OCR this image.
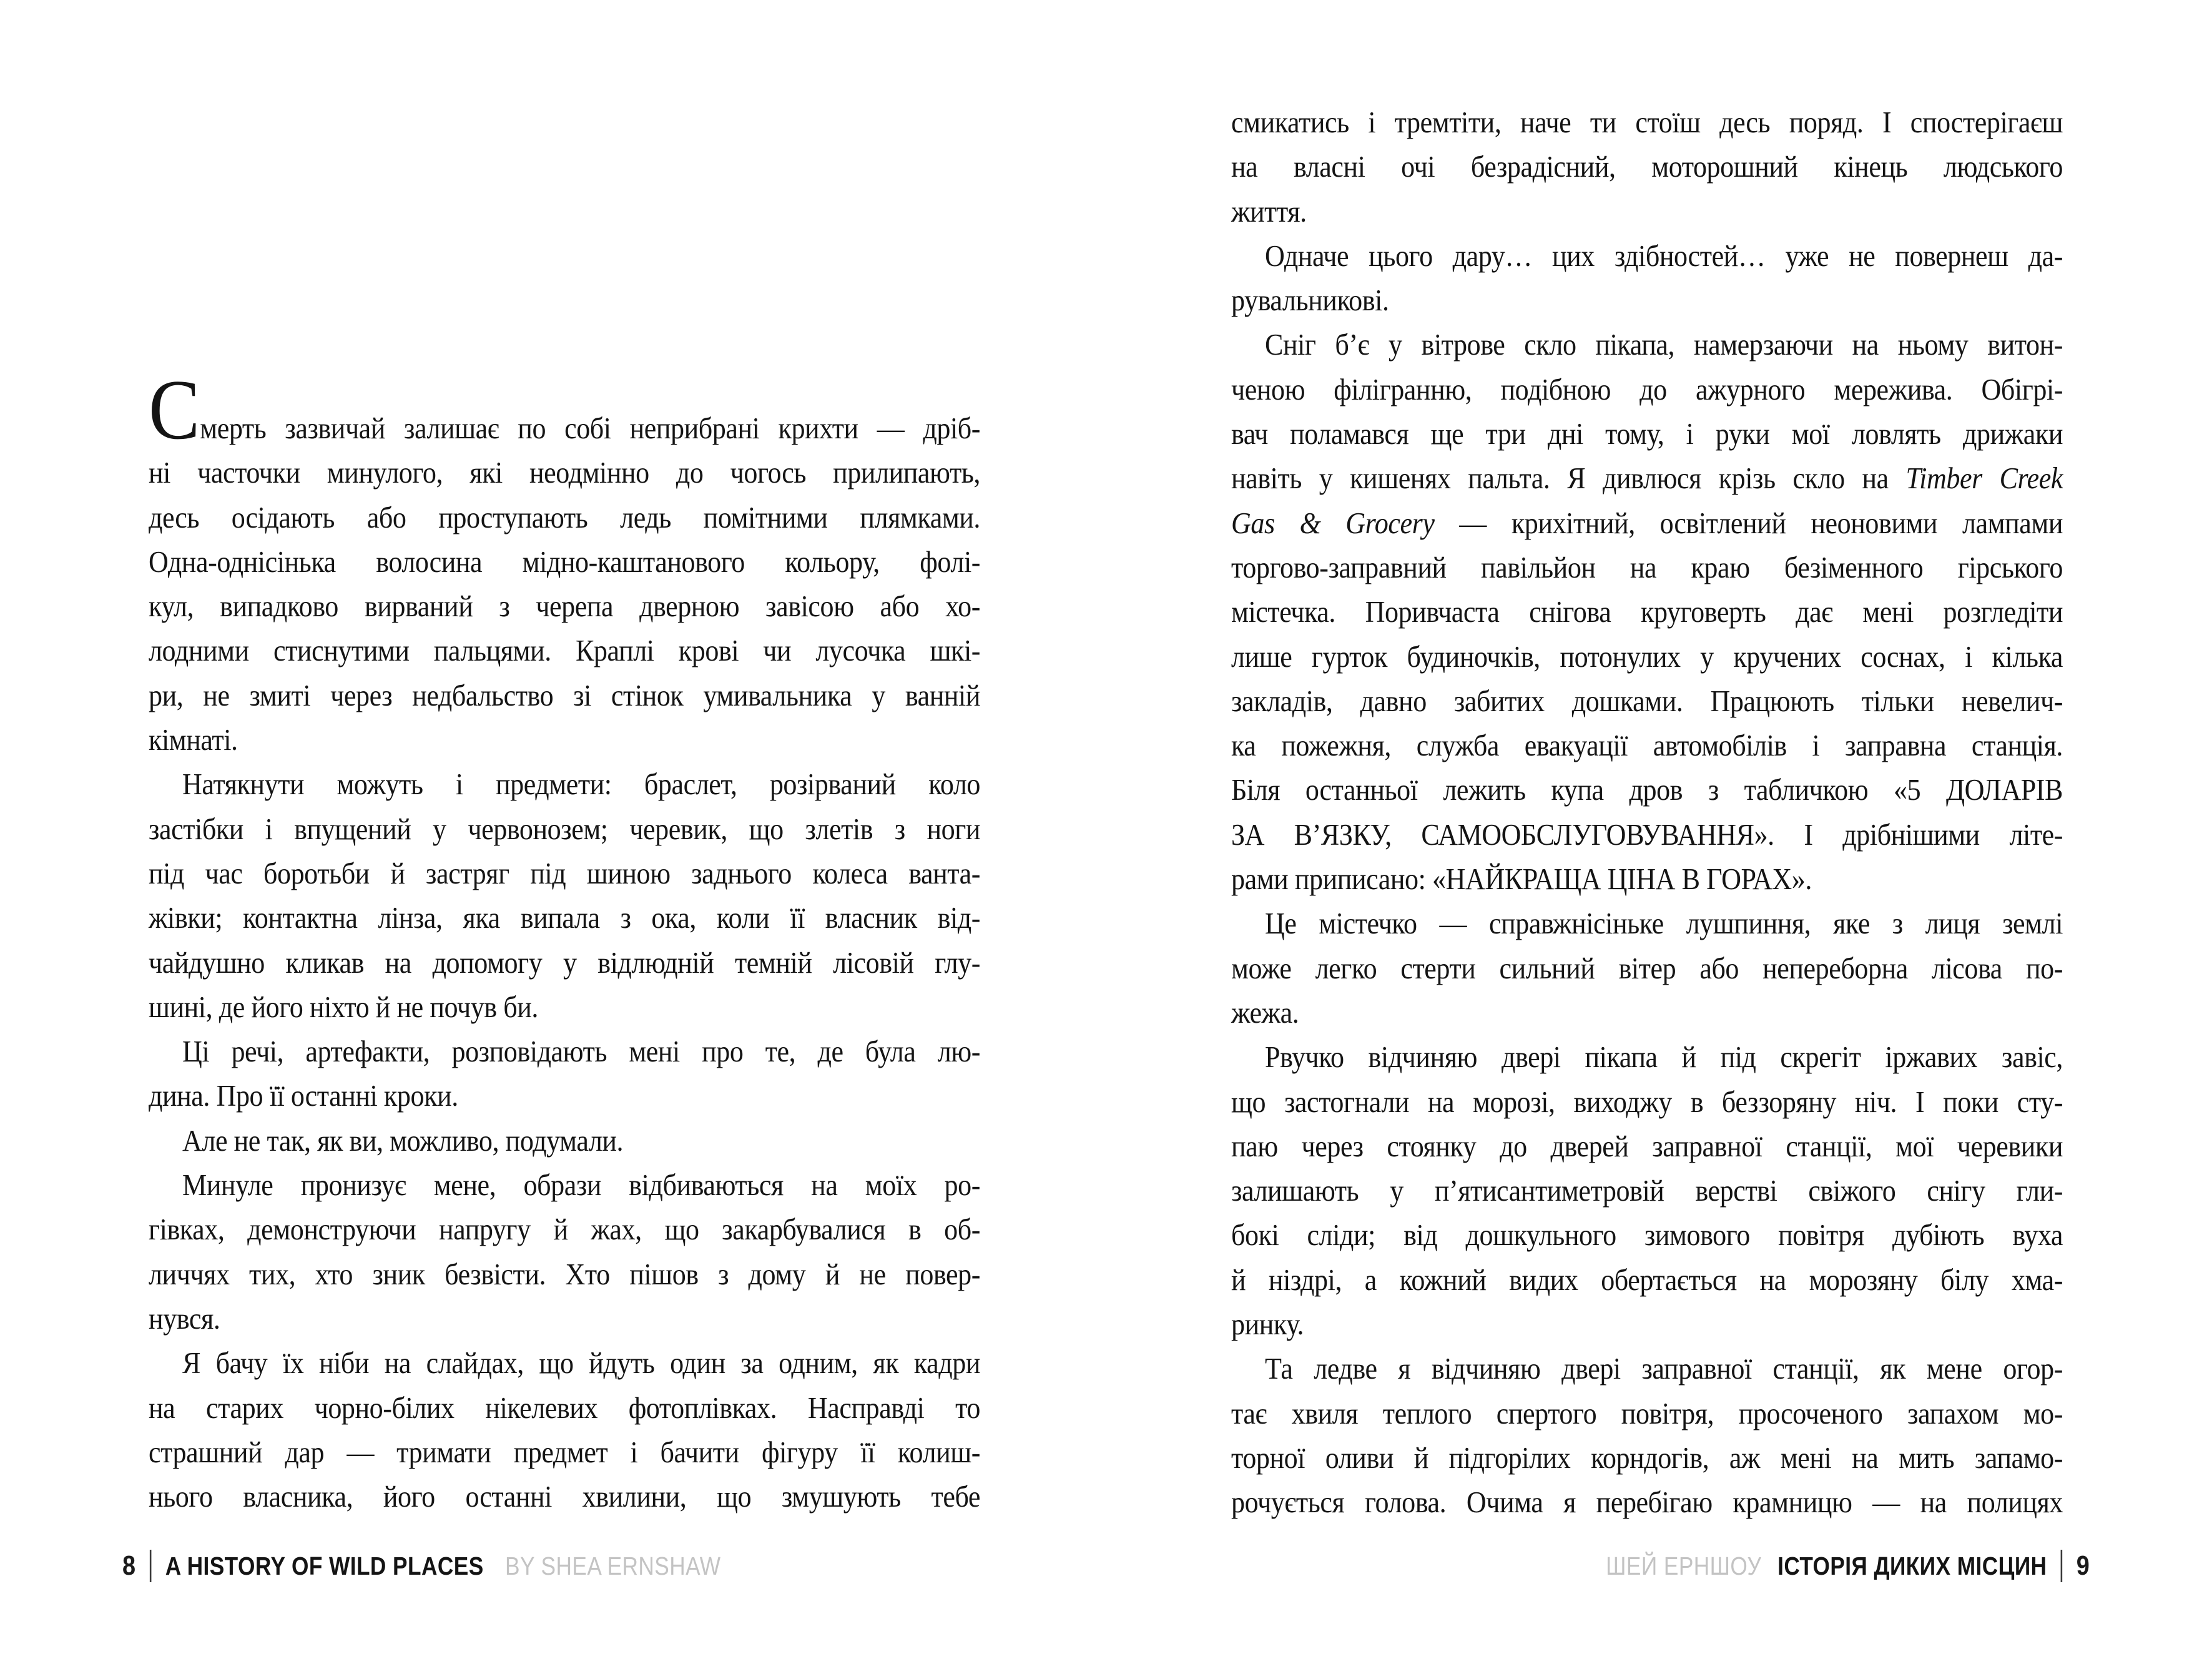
Смерть зазвичай залишає по собі неприбрані крихти — дріб-
ні часточки минулого, які неодмінно до чогось прилипають,
десь осідають або проступають ледь помітними плямками.
Одна-однісінька волосина мідно-каштанового кольору, фолі-
кул, випадково вирваний з черепа дверною завісою або хо-
лодними стиснутими пальцями. Краплі крові чи лусочка шкі-
ри, не змиті через недбальство зі стінок умивальника у ванній
кімнаті.
Натякнути можуть і предмети: браслет, розірваний коло
застібки і впущений у червонозем; черевик, що злетів з ноги
під час боротьби й застряг під шиною заднього колеса ванта-
жівки; контактна лінза, яка випала з ока, коли її власник від-
чайдушно кликав на допомогу у відлюдній темній лісовій глу-
шині, де його ніхто й не почув би.
Ці речі, артефакти, розповідають мені про те, де була лю-
дина. Про її останні кроки.
Але не так, як ви, можливо, подумали.
Минуле пронизує мене, образи відбиваються на моїх ро-
гівках, демонструючи напругу й жах, що закарбувалися в об-
личчях тих, хто зник безвісти. Хто пішов з дому й не повер-
нувся.
Я бачу їх ніби на слайдах, що йдуть один за одним, як кадри
на старих чорно-білих нікелевих фотоплівках. Насправді то
страшний дар — тримати предмет і бачити фігуру її колиш-
нього власника, його останні хвилини, що змушують тебе
8 A HISTORY OF WILD PLACES BY SHEA ERNSHAW
смикатись і тремтіти, наче ти стоїш десь поряд. І спостерігаєш
на власні очі безрадісний, моторошний кінець людського
життя.
Одначе цього дару… цих здібностей… уже не повернеш да-
рувальникові.
Сніг б’є у вітрове скло пікапа, намерзаючи на ньому витон-
ченою філігранню, подібною до ажурного мережива. Обігрі-
вач поламався ще три дні тому, і руки мої ловлять дрижаки
навіть у кишенях пальта. Я дивлюся крізь скло на Timber Creek
Gas & Grocery — крихітний, освітлений неоновими лампами
торгово-заправний павільйон на краю безіменного гірського
містечка. Поривчаста снігова круговерть дає мені розгледіти
лише гурток будиночків, потонулих у кручених соснах, і кілька
закладів, давно забитих дошками. Працюють тільки невелич-
ка пожежня, служба евакуації автомобілів і заправна станція.
Біля останньої лежить купа дров з табличкою «5 ДОЛАРІВ
ЗА В’ЯЗКУ, САМООБСЛУГОВУВАННЯ». І дрібнішими літе-
рами приписано: «НАЙКРАЩА ЦІНА В ГОРАХ».
Це містечко — справжнісіньке лушпиння, яке з лиця землі
може легко стерти сильний вітер або непереборна лісова по-
жежа.
Рвучко відчиняю двері пікапа й під скрегіт іржавих завіс,
що застогнали на морозі, виходжу в беззоряну ніч. І поки сту-
паю через стоянку до дверей заправної станції, мої черевики
залишають у п’ятисантиметровій верстві свіжого снігу гли-
бокі сліди; від дошкульного зимового повітря дубіють вуха
й ніздрі, а кожний видих обертається на морозяну білу хма-
ринку.
Та ледве я відчиняю двері заправної станції, як мене огор-
тає хвиля теплого спертого повітря, просоченого запахом мо-
торної оливи й підгорілих корндогів, аж мені на мить запамо-
рочується голова. Очима я перебігаю крамницю — на полицях
ШЕЙ ЕРНШОУ ІСТОРІЯ ДИКИХ МІСЦИН 9
